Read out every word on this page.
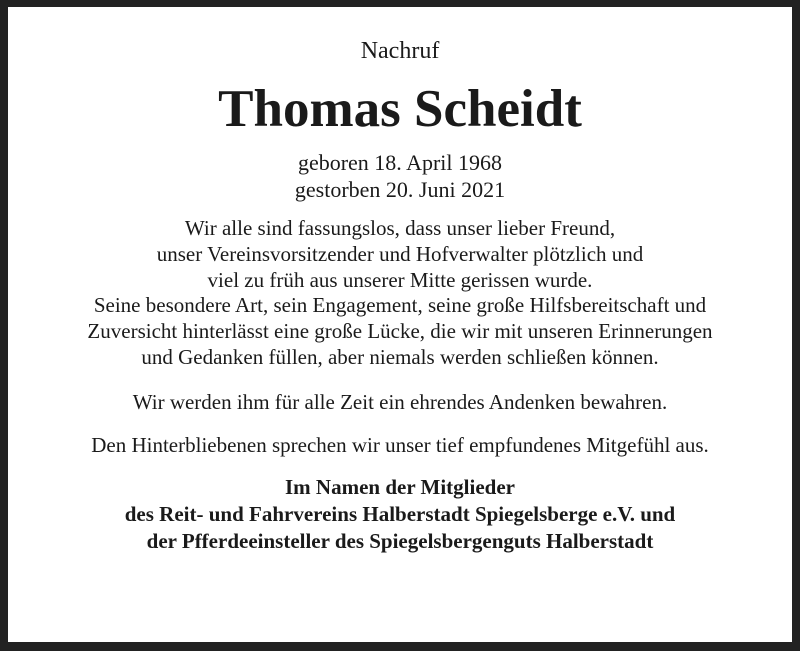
Nachruf
Thomas Scheidt
geboren 18. April 1968
gestorben 20. Juni 2021
Wir alle sind fassungslos, dass unser lieber Freund,
unser Vereinsvorsitzender und Hofverwalter plötzlich und
viel zu früh aus unserer Mitte gerissen wurde.
Seine besondere Art, sein Engagement, seine große Hilfsbereitschaft und
Zuversicht hinterlässt eine große Lücke, die wir mit unseren Erinnerungen
und Gedanken füllen, aber niemals werden schließen können.
Wir werden ihm für alle Zeit ein ehrendes Andenken bewahren.
Den Hinterbliebenen sprechen wir unser tief empfundenes Mitgefühl aus.
Im Namen der Mitglieder
des Reit- und Fahrvereins Halberstadt Spiegelsberge e.V. und
der Pfferdeeinsteller des Spiegelsbergenguts Halberstadt
